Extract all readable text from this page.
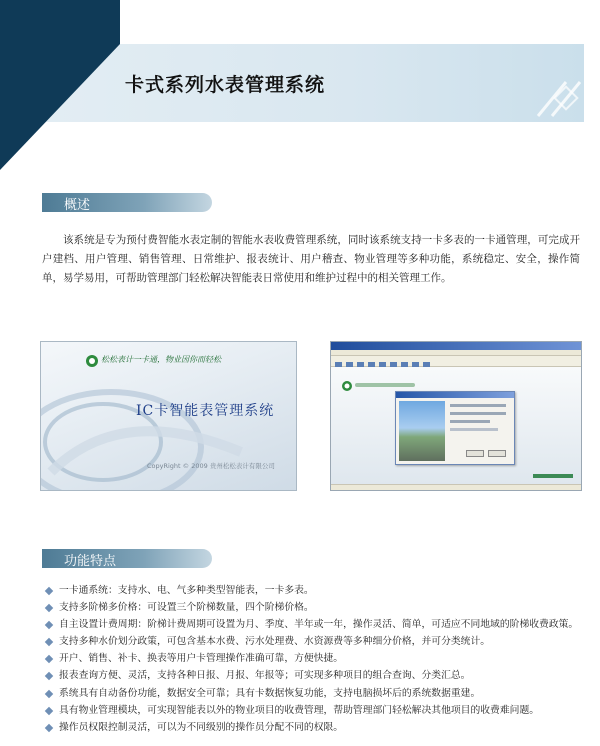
卡式系列水表管理系统
概述
该系统是专为预付费智能水表定制的智能水表收费管理系统，同时该系统支持一卡多表的一卡通管理，可完成开户建档、用户管理、销售管理、日常维护、报表统计、用户稽查、物业管理等多种功能，系统稳定、安全，操作简单，易学易用，可帮助管理部门轻松解决智能表日常使用和维护过程中的相关管理工作。
松松表计一卡通，物业因你而轻松
IC卡智能表管理系统
CopyRight © 2009 贵州松松表计有限公司
功能特点
一卡通系统：支持水、电、气多种类型智能表，一卡多表。
支持多阶梯多价格：可设置三个阶梯数量，四个阶梯价格。
自主设置计费周期：阶梯计费周期可设置为月、季度、半年或一年，操作灵活、简单，可适应不同地域的阶梯收费政策。
支持多种水价划分政策，可包含基本水费、污水处理费、水资源费等多种细分价格，并可分类统计。
开户、销售、补卡、换表等用户卡管理操作准确可靠，方便快捷。
报表查询方便、灵活，支持各种日报、月报、年报等；可实现多种项目的组合查询、分类汇总。
系统具有自动备份功能，数据安全可靠；具有卡数据恢复功能，支持电脑损坏后的系统数据重建。
具有物业管理模块，可实现智能表以外的物业项目的收费管理，帮助管理部门轻松解决其他项目的收费难问题。
操作员权限控制灵活，可以为不同级别的操作员分配不同的权限。
